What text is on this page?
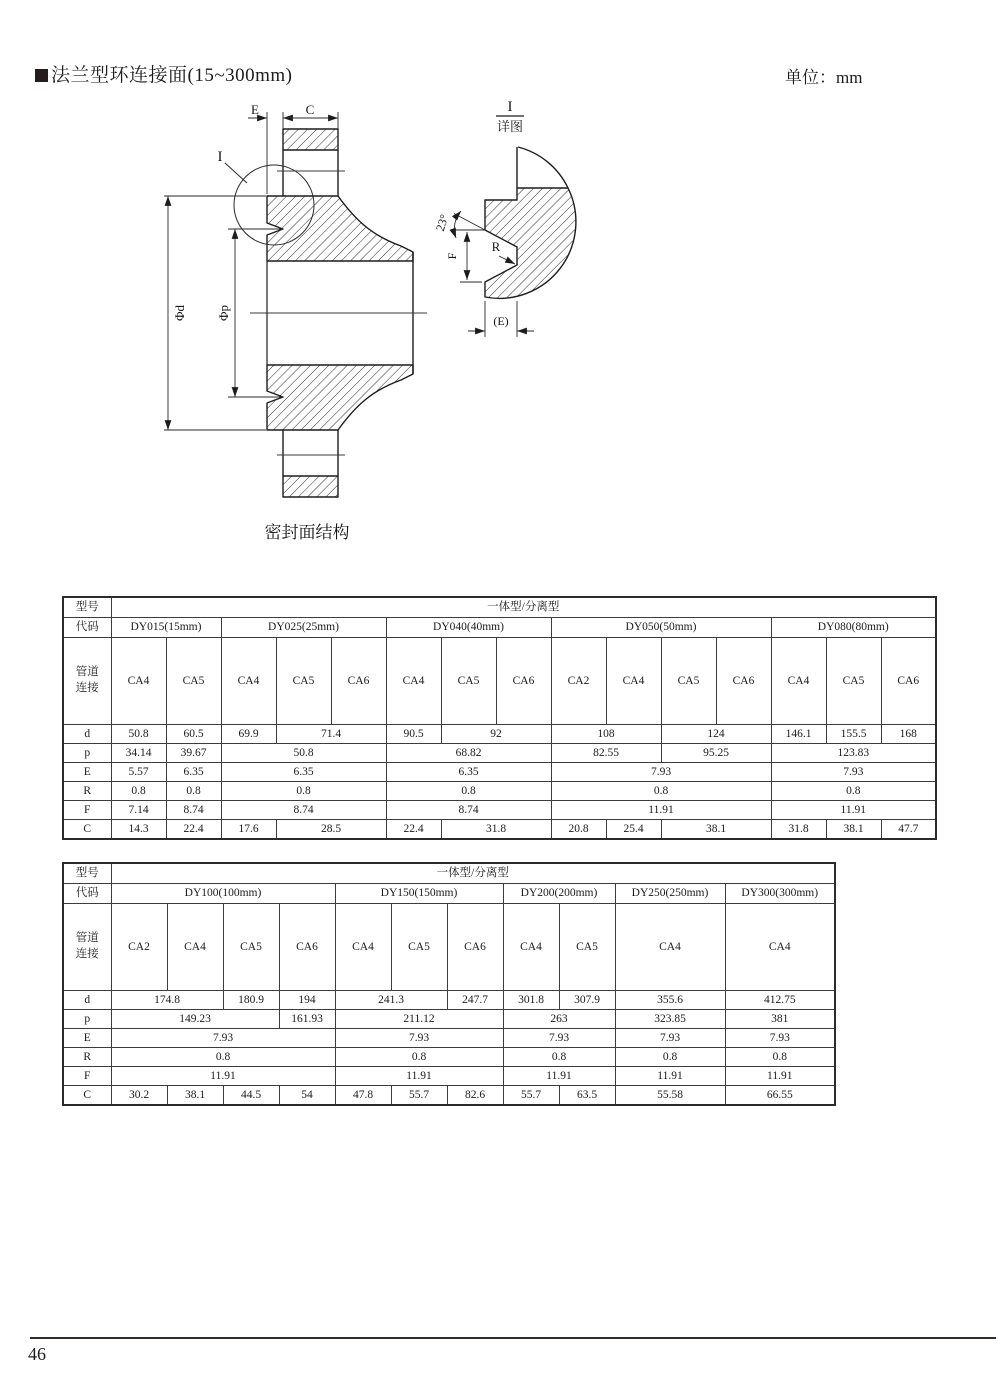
法兰型环连接面(15~300mm)	单位：mm
E	C
I
Φd Φp
密封面结构
I
详图
23°
F
R
(E)
型号	一体型/分离型														
代码	DY015(15mm)		DY025(25mm)			DY040(40mm)			DY050(50mm)				DY080(80mm)		
管道连接	CA4	CA5	CA4	CA5	CA6	CA4	CA5	CA6	CA2	CA4	CA5	CA6	CA4	CA5	CA6
d	50.8	60.5	69.9	71.4		90.5	92		108		124		146.1	155.5	168
p	34.14	39.67	50.8			68.82			82.55		95.25		123.83		
E	5.57	6.35	6.35			6.35			7.93				7.93		
R	0.8	0.8	0.8			0.8			0.8				0.8		
F	7.14	8.74	8.74			8.74			11.91				11.91		
C	14.3	22.4	17.6	28.5		22.4	31.8		20.8	25.4	38.1		31.8	38.1	47.7
型号	一体型/分离型										
代码	DY100(100mm)				DY150(150mm)			DY200(200mm)		DY250(250mm)	DY300(300mm)
管道连接	CA2	CA4	CA5	CA6	CA4	CA5	CA6	CA4	CA5	CA4	CA4
d	174.8		180.9	194	241.3		247.7	301.8	307.9	355.6	412.75
p	149.23			161.93	211.12			263		323.85	381
E	7.93				7.93			7.93		7.93	7.93
R	0.8				0.8			0.8		0.8	0.8
F	11.91				11.91			11.91		11.91	11.91
C	30.2	38.1	44.5	54	47.8	55.7	82.6	55.7	63.5	55.58	66.55
46
